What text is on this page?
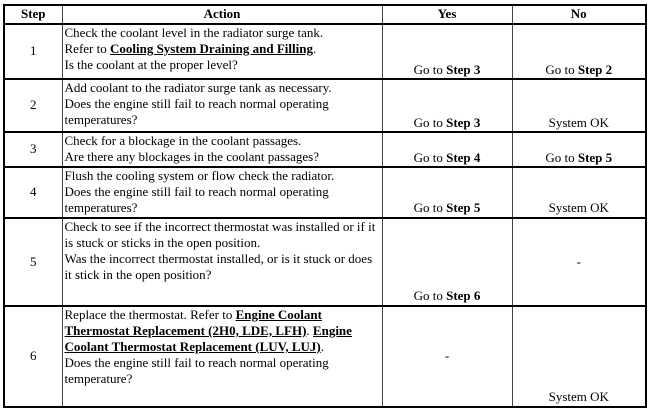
Step	Action	Yes	No
1	Check the coolant level in the radiator surge tank.
Refer to Cooling System Draining and Filling.
Is the coolant at the proper level?	Go to Step 3	Go to Step 2
2	Add coolant to the radiator surge tank as necessary.
Does the engine still fail to reach normal operating temperatures?	Go to Step 3	System OK
3	Check for a blockage in the coolant passages.
Are there any blockages in the coolant passages?	Go to Step 4	Go to Step 5
4	Flush the cooling system or flow check the radiator.
Does the engine still fail to reach normal operating temperatures?	Go to Step 5	System OK
5	Check to see if the incorrect thermostat was installed or if it is stuck or sticks in the open position.
Was the incorrect thermostat installed, or is it stuck or does it stick in the open position?	Go to Step 6	-
6	Replace the thermostat. Refer to Engine Coolant Thermostat Replacement (2H0, LDE, LFH). Engine Coolant Thermostat Replacement (LUV, LUJ).
Does the engine still fail to reach normal operating temperature?	-	System OK
